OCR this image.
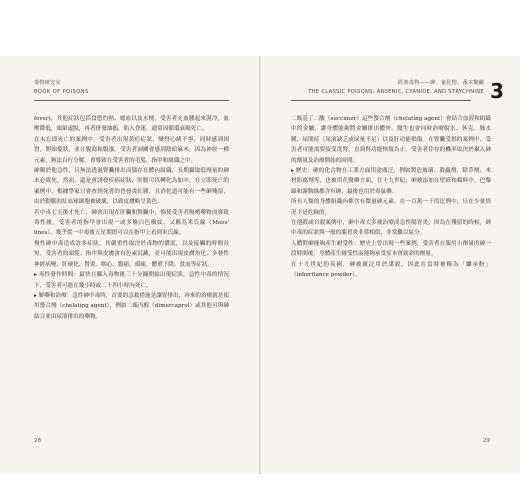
毒物研究室
BOOK OF POISONS

fever)，其他症狀包括食慾灼熱、噁血以及水梗。受害者充血腫起來濕冷，血壓降低，頭暈虛脫，再者併發抽搐，陷入昏迷，通常因循環衰竭死亡。

在未忘即死亡的案例中，受害者出現黃疸症狀，變得心緒不寧，同時感到困窘，開始憂狀，並且腹瀉和腹漲。受害者洞關會感到陰暗麻木，因為神經一種元素，無法自行分解。會導致在受害者的毛髮、指甲和組織之中。

砷曝於他急性，且無法透過腎臟排出而儲存在體內組織，長期攝取低劑量的砷未必致死，然而，還是會誘發疾病症狀，肝膽可以轉化為如中，在立即死亡的案例中，根據學家只會查到死者的胃發炎紅腫，且消化道可能有一些砷殘留，由於動脈的紅血球細胞被破壞，以致皮膚略呈黃色。

若中毒七天後才死亡，砷會出現在肝臟和腎臟中，倘使受害者吸嗜藥物而導致毒性後，受害者的指甲會出現一或多條白色橫紋，又稱為米氏線（Mees' lines）。幾乎從一中毒後五星期即可以在指甲上看到米氏線。

慢性砷中毒造成許多症狀，其嚴重性取決於毒物的濃度，以及接觸的時間長短。受害者的頭髮、指甲與皮膚會有色素沉澱，並可能出現皮膚角化、多發性神經病變、肝硬化、腎炎、咽心、腹痛、頭痛、體重下降、貧血等症狀。

▸ 毒性發作時間：最快在攝入毒物後三十分鐘開始出現症狀，急性中毒的情況下，受害者可能在幾小時或二十四小時內死亡。

▸ 解藥和治療：急性砷中毒時，首要的急救措施是讓胃排出，再來的治療就是使用螯合劑（chelating agent），例如二巰丙醇（dimercaprol）或其他可與砷結合並由尿液排出的藥物。

28
經典毒物——砷、氰化物、番木鱉鹼
THE CLASSIC POISONS: ARSENIC, CYANIDE, AND STRYCHNINE 3

二巰基丁二酸（succimer）這些螯合劑（chelating agent）會結合血液和組織中的金屬，讓身體能夠將金屬排出體外。醫生也會同時治療脫水、休克、肺水腫，尿閉症（尿液缺乏或尿量不足）以及肝功能損傷。在腎臟受損的案例中，受害者可能需要接受洗腎，直到腎功能恢復為止。受害者倖存的機率取決於攝入砷的劑量及治療開始的時間。

▸ 歷史：砷的化合物在工業方面用途廣泛，例如製造玻璃、殺蟲劑、除草劑、木材防腐劑等，也被用在醫藥方面。在十九世紀，砷被添加在壁紙和顏料中，巴黎綠和謝勒綠都含有砷，最後也用於毒鼠藥。

所有人類的身體組織內都含有微量砷元素，在一百萬一千的比例中，只在少量情況下是危險的。

在他殺或自殺案例中，砷中毒大多被治療成急性腸胃炎，因為在殘留的時候，砷中毒的症狀與一般的腸胃炎非常相似，非常難以區分。

人體對砷能夠產生耐受性：歷史上曾出現一些案例，受害者在服用小劑量的砷一段時間後，身體產生耐受性而能夠承受原本會致命的劑量。

在十九世紀的英國，砷被廣泛用於謀殺，因此在當時被稱為「繼承粉」（inheritance powder）。

29
